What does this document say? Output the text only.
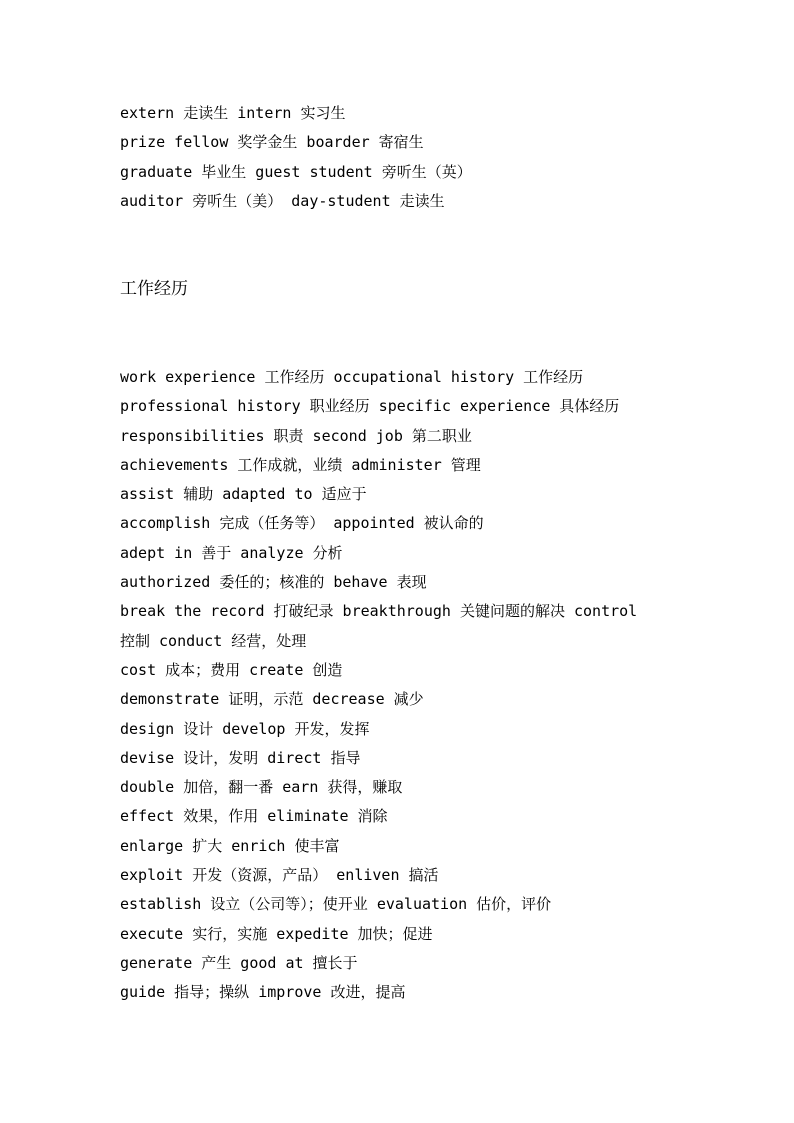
extern 走读生 intern 实习生
prize fellow 奖学金生 boarder 寄宿生
graduate 毕业生 guest student 旁听生（英）
auditor 旁听生（美） day-student 走读生
工作经历
work experience 工作经历 occupational history 工作经历
professional history 职业经历 specific experience 具体经历
responsibilities 职责 second job 第二职业
achievements 工作成就，业绩 administer 管理
assist 辅助 adapted to 适应于
accomplish 完成（任务等） appointed 被认命的
adept in 善于 analyze 分析
authorized 委任的；核准的 behave 表现
break the record 打破纪录 breakthrough 关键问题的解决 control
控制 conduct 经营，处理
cost 成本；费用 create 创造
demonstrate 证明，示范 decrease 减少
design 设计 develop 开发，发挥
devise 设计，发明 direct 指导
double 加倍，翻一番 earn 获得，赚取
effect 效果，作用 eliminate 消除
enlarge 扩大 enrich 使丰富
exploit 开发（资源，产品） enliven 搞活
establish 设立（公司等）；使开业 evaluation 估价，评价
execute 实行，实施 expedite 加快；促进
generate 产生 good at 擅长于
guide 指导；操纵 improve 改进，提高
